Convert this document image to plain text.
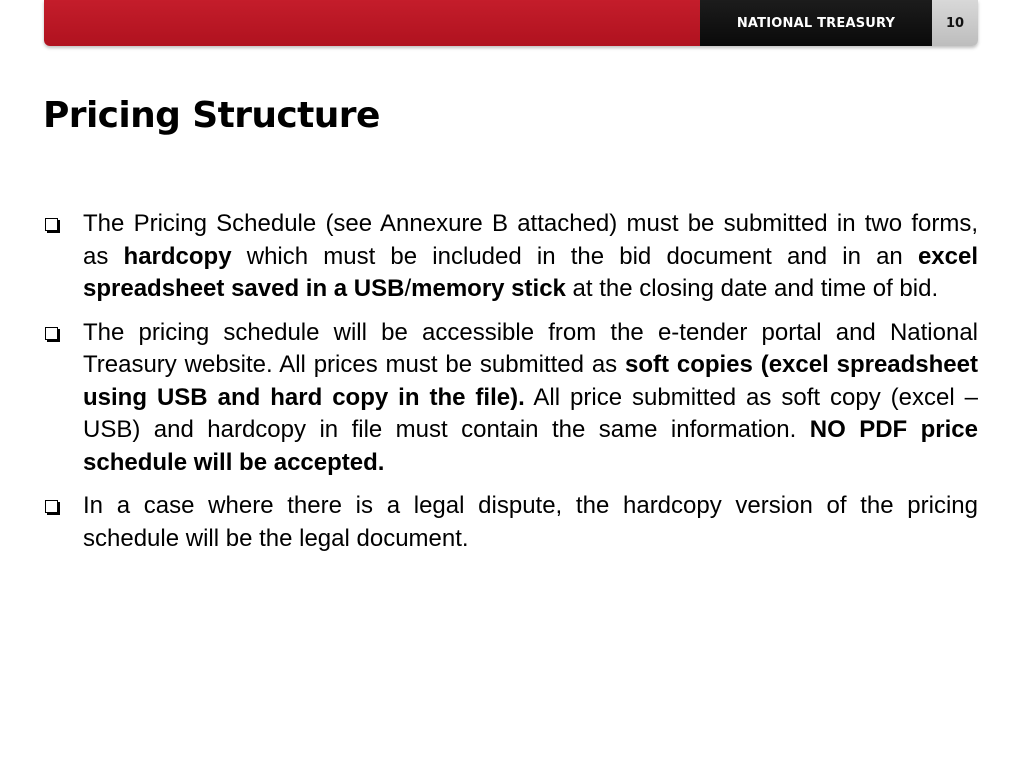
NATIONAL TREASURY	10
Pricing Structure
The Pricing Schedule (see Annexure B attached) must be submitted in two forms, as hardcopy which must be included in the bid document and in an excel spreadsheet saved in a USB/memory stick at the closing date and time of bid.
The pricing schedule will be accessible from the e-tender portal and National Treasury website. All prices must be submitted as soft copies (excel spreadsheet using USB and hard copy in the file). All price submitted as soft copy (excel – USB) and hardcopy in file must contain the same information. NO PDF price schedule will be accepted.
In a case where there is a legal dispute, the hardcopy version of the pricing schedule will be the legal document.
